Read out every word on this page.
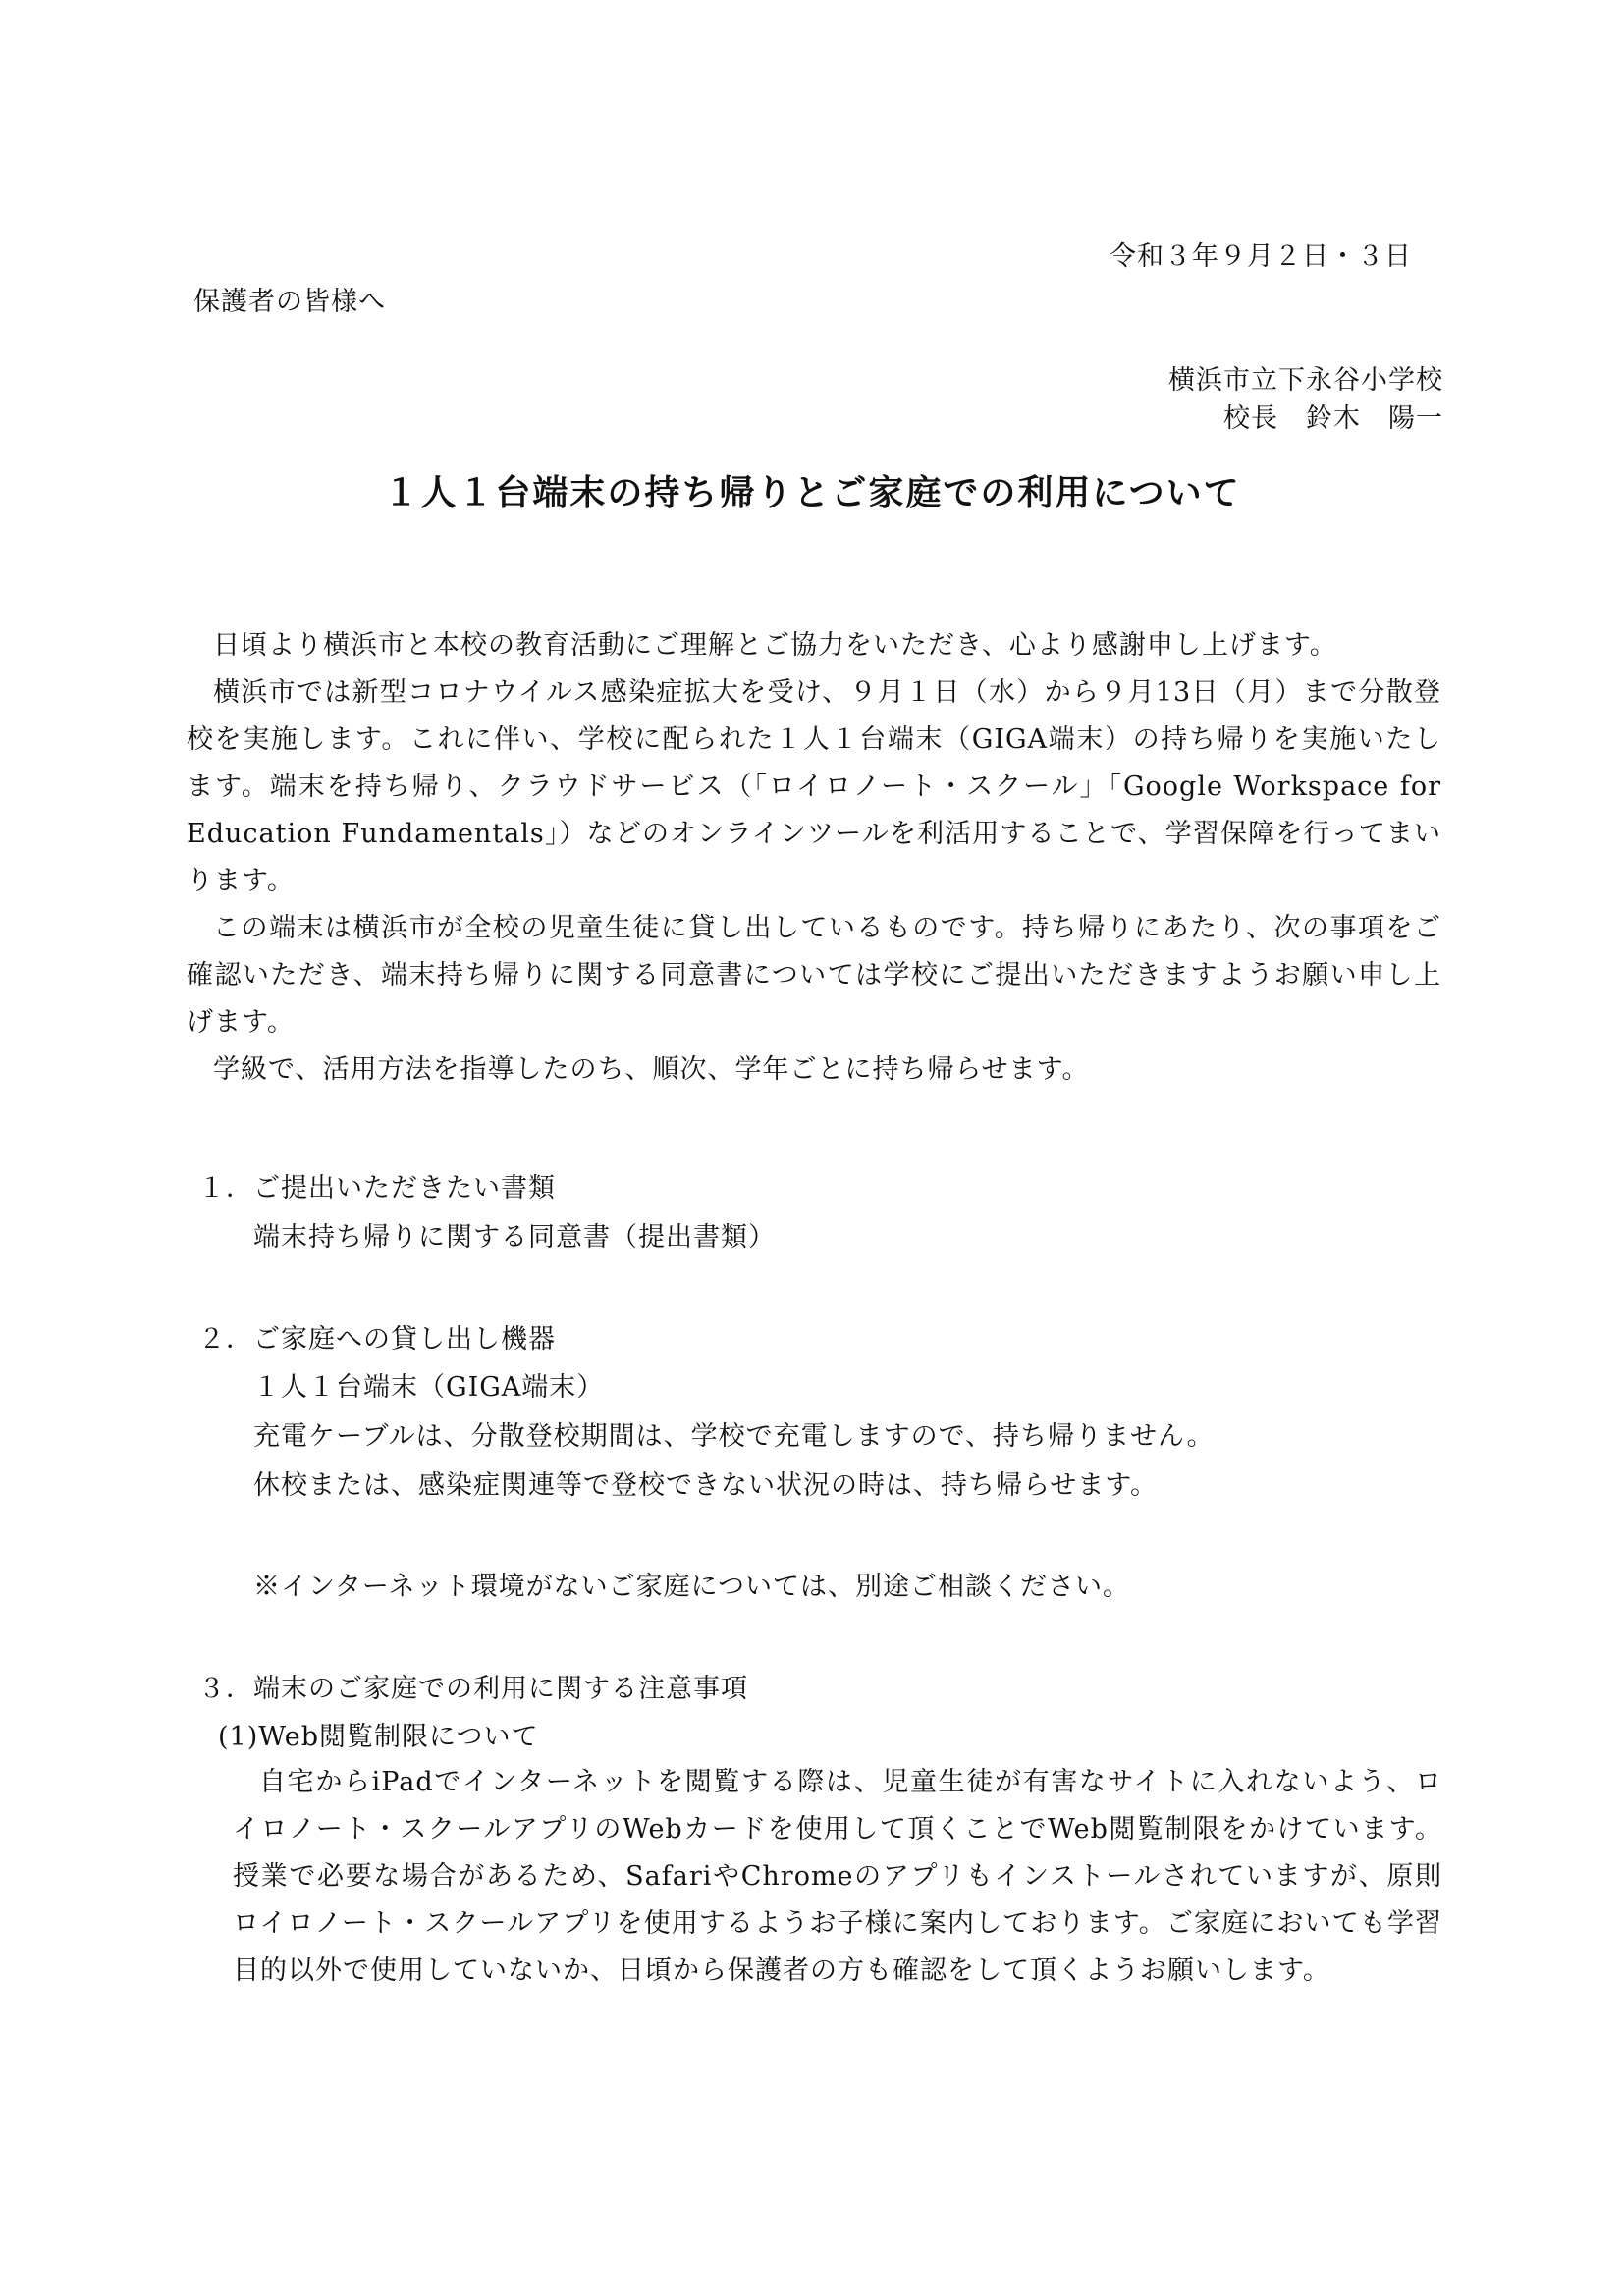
令和３年９月２日・３日
保護者の皆様へ
横浜市立下永谷小学校
校長　鈴木　陽一
１人１台端末の持ち帰りとご家庭での利用について

日頃より横浜市と本校の教育活動にご理解とご協力をいただき、心より感謝申し上げます。

横浜市では新型コロナウイルス感染症拡大を受け、９月１日（水）から９月13日（月）まで分散登校を実施します。これに伴い、学校に配られた１人１台端末（GIGA端末）の持ち帰りを実施いたします。端末を持ち帰り、クラウドサービス（「ロイロノート・スクール」「Google Workspace for Education Fundamentals」）などのオンラインツールを利活用することで、学習保障を行ってまいります。

この端末は横浜市が全校の児童生徒に貸し出しているものです。持ち帰りにあたり、次の事項をご確認いただき、端末持ち帰りに関する同意書については学校にご提出いただきますようお願い申し上げます。

学級で、活用方法を指導したのち、順次、学年ごとに持ち帰らせます。

１．ご提出いただきたい書類
端末持ち帰りに関する同意書（提出書類）
２．ご家庭への貸し出し機器
１人１台端末（GIGA端末）
充電ケーブルは、分散登校期間は、学校で充電しますので、持ち帰りません。
休校または、感染症関連等で登校できない状況の時は、持ち帰らせます。
※インターネット環境がないご家庭については、別途ご相談ください。
３．端末のご家庭での利用に関する注意事項
(1)Web閲覧制限について

自宅からiPadでインターネットを閲覧する際は、児童生徒が有害なサイトに入れないよう、ロイロノート・スクールアプリのWebカードを使用して頂くことでWeb閲覧制限をかけています。授業で必要な場合があるため、SafariやChromeのアプリもインストールされていますが、原則ロイロノート・スクールアプリを使用するようお子様に案内しております。ご家庭においても学習目的以外で使用していないか、日頃から保護者の方も確認をして頂くようお願いします。
